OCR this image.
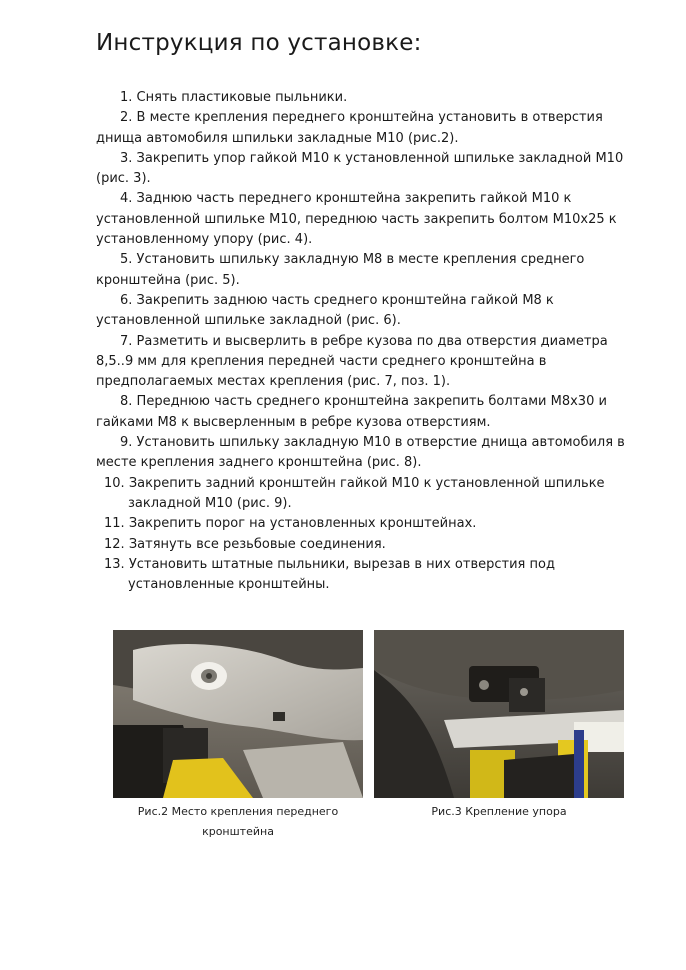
Инструкция по установке:

1. Снять пластиковые пыльники.

2. В месте крепления переднего кронштейна установить в отверстия днища автомобиля шпильки закладные М10 (рис.2).

3. Закрепить упор гайкой М10 к установленной шпильке закладной М10 (рис. 3).

4. Заднюю часть переднего кронштейна закрепить гайкой М10 к установленной шпильке М10, переднюю часть закрепить болтом М10х25 к установленному упору (рис. 4).

5. Установить шпильку закладную М8 в месте крепления среднего кронштейна (рис. 5).

6. Закрепить заднюю часть среднего кронштейна гайкой М8 к установленной шпильке закладной (рис. 6).

7. Разметить и высверлить в ребре кузова по два отверстия диаметра 8,5..9 мм для крепления передней части среднего кронштейна в предполагаемых местах крепления (рис. 7, поз. 1).

8. Переднюю часть среднего кронштейна закрепить болтами М8х30 и гайками М8 к высверленным в ребре кузова отверстиям.

9. Установить шпильку закладную М10 в отверстие днища автомобиля в месте крепления заднего кронштейна (рис. 8).

10. Закрепить задний кронштейн гайкой М10 к установленной шпильке закладной М10 (рис. 9).

11. Закрепить порог на установленных кронштейнах.

12. Затянуть все резьбовые соединения.

13. Установить штатные пыльники, вырезав в них отверстия под установленные кронштейны.

Рис.2 Место крепления переднего
кронштейна
Рис.3 Крепление упора
